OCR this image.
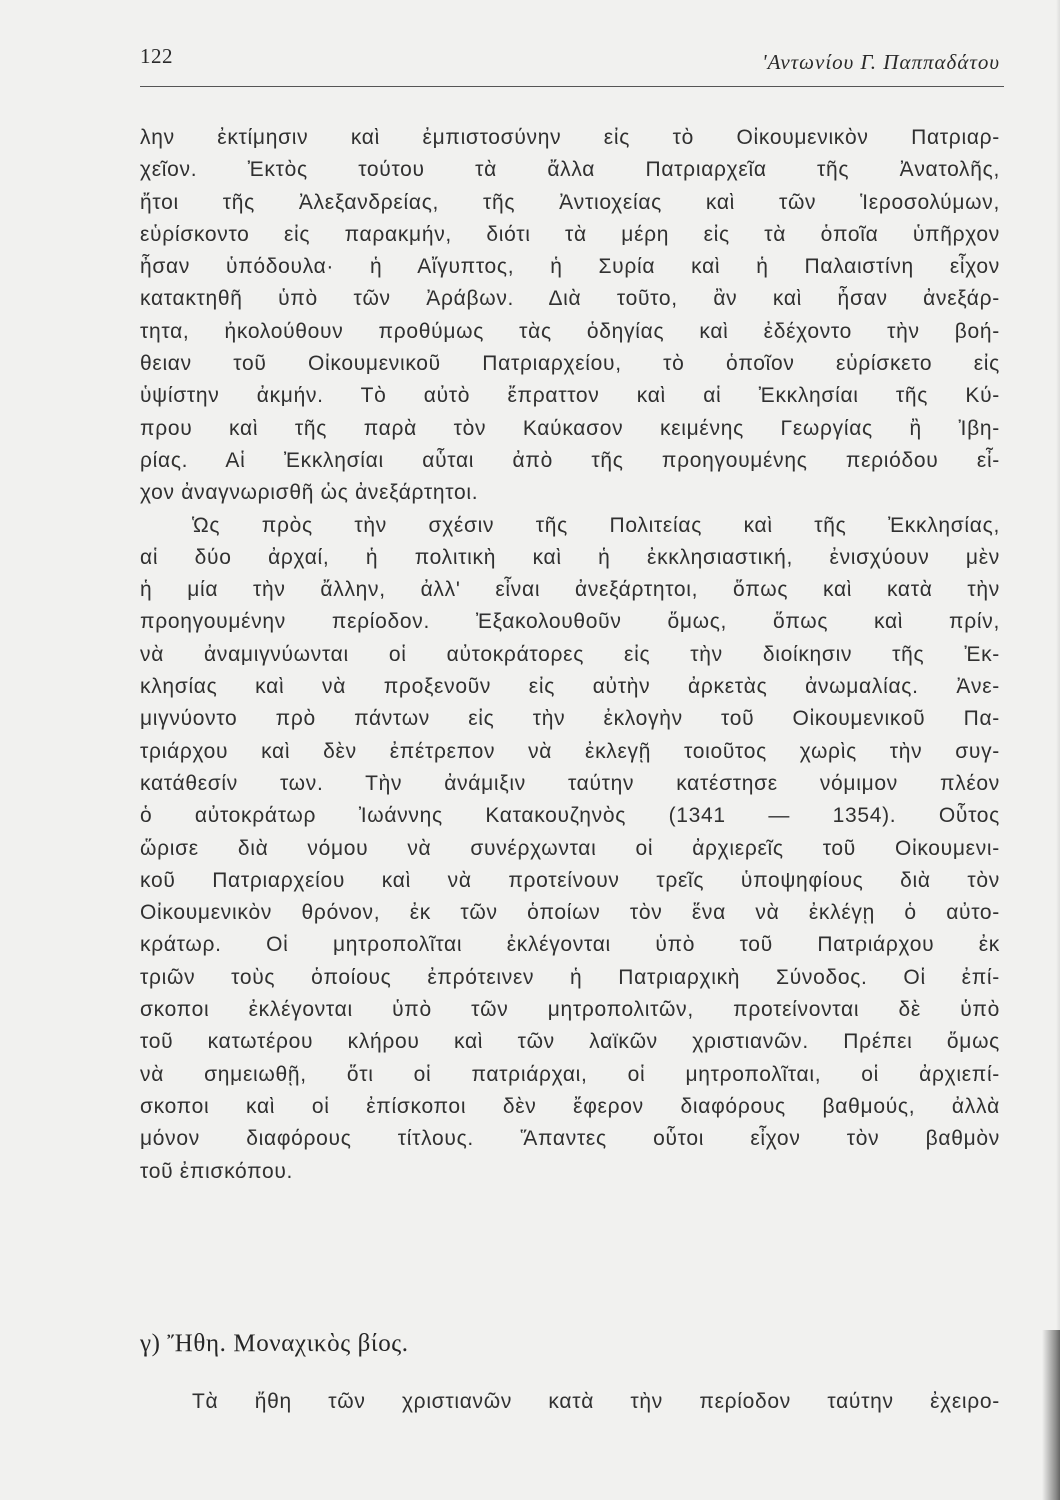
122	'Αντωνίου Γ. Παππαδάτου
λην ἐκτίμησιν καὶ ἐμπιστοσύνην εἰς τὸ Οἰκουμενικὸν Πατριαρ-
χεῖον. Ἐκτὸς τούτου τὰ ἄλλα Πατριαρχεῖα τῆς Ἀνατολῆς,
ἤτοι τῆς Ἀλεξανδρείας, τῆς Ἀντιοχείας καὶ τῶν Ἱεροσολύμων,
εὑρίσκοντο εἰς παρακμήν, διότι τὰ μέρη εἰς τὰ ὁποῖα ὑπῆρχον
ἦσαν ὑπόδουλα· ἡ Αἴγυπτος, ἡ Συρία καὶ ἡ Παλαιστίνη εἶχον
κατακτηθῆ ὑπὸ τῶν Ἀράβων. Διὰ τοῦτο, ἂν καὶ ἦσαν ἀνεξάρ-
τητα, ἠκολούθουν προθύμως τὰς ὁδηγίας καὶ ἐδέχοντο τὴν βοή-
θειαν τοῦ Οἰκουμενικοῦ Πατριαρχείου, τὸ ὁποῖον εὑρίσκετο εἰς
ὑψίστην ἀκμήν. Τὸ αὐτὸ ἔπραττον καὶ αἱ Ἐκκλησίαι τῆς Κύ-
πρου καὶ τῆς παρὰ τὸν Καύκασον κειμένης Γεωργίας ἢ Ἰβη-
ρίας. Αἱ Ἐκκλησίαι αὗται ἀπὸ τῆς προηγουμένης περιόδου εἶ-
χον ἀναγνωρισθῆ ὡς ἀνεξάρτητοι.
Ὡς πρὸς τὴν σχέσιν τῆς Πολιτείας καὶ τῆς Ἐκκλησίας,
αἱ δύο ἀρχαί, ἡ πολιτικὴ καὶ ἡ ἐκκλησιαστική, ἐνισχύουν μὲν
ἡ μία τὴν ἄλλην, ἀλλ' εἶναι ἀνεξάρτητοι, ὅπως καὶ κατὰ τὴν
προηγουμένην περίοδον. Ἐξακολουθοῦν ὅμως, ὅπως καὶ πρίν,
νὰ ἀναμιγνύωνται οἱ αὐτοκράτορες εἰς τὴν διοίκησιν τῆς Ἐκ-
κλησίας καὶ νὰ προξενοῦν εἰς αὐτὴν ἀρκετὰς ἀνωμαλίας. Ἀνε-
μιγνύοντο πρὸ πάντων εἰς τὴν ἐκλογὴν τοῦ Οἰκουμενικοῦ Πα-
τριάρχου καὶ δὲν ἐπέτρεπον νὰ ἐκλεγῇ τοιοῦτος χωρὶς τὴν συγ-
κατάθεσίν των. Τὴν ἀνάμιξιν ταύτην κατέστησε νόμιμον πλέον
ὁ αὐτοκράτωρ Ἰωάννης Κατακουζηνὸς (1341 — 1354). Οὗτος
ὥρισε διὰ νόμου νὰ συνέρχωνται οἱ ἀρχιερεῖς τοῦ Οἰκουμενι-
κοῦ Πατριαρχείου καὶ νὰ προτείνουν τρεῖς ὑποψηφίους διὰ τὸν
Οἰκουμενικὸν θρόνον, ἐκ τῶν ὁποίων τὸν ἕνα νὰ ἐκλέγῃ ὁ αὐτο-
κράτωρ. Οἱ μητροπολῖται ἐκλέγονται ὑπὸ τοῦ Πατριάρχου ἐκ
τριῶν τοὺς ὁποίους ἐπρότεινεν ἡ Πατριαρχικὴ Σύνοδος. Οἱ ἐπί-
σκοποι ἐκλέγονται ὑπὸ τῶν μητροπολιτῶν, προτείνονται δὲ ὑπὸ
τοῦ κατωτέρου κλήρου καὶ τῶν λαϊκῶν χριστιανῶν. Πρέπει ὅμως
νὰ σημειωθῇ, ὅτι οἱ πατριάρχαι, οἱ μητροπολῖται, οἱ ἀρχιεπί-
σκοποι καὶ οἱ ἐπίσκοποι δὲν ἔφερον διαφόρους βαθμούς, ἀλλὰ
μόνον διαφόρους τίτλους. Ἅπαντες οὗτοι εἶχον τὸν βαθμὸν
τοῦ ἐπισκόπου.
γ) Ἤθη. Μοναχικὸς βίος.
Τὰ ἤθη τῶν χριστιανῶν κατὰ τὴν περίοδον ταύτην ἐχειρο-
